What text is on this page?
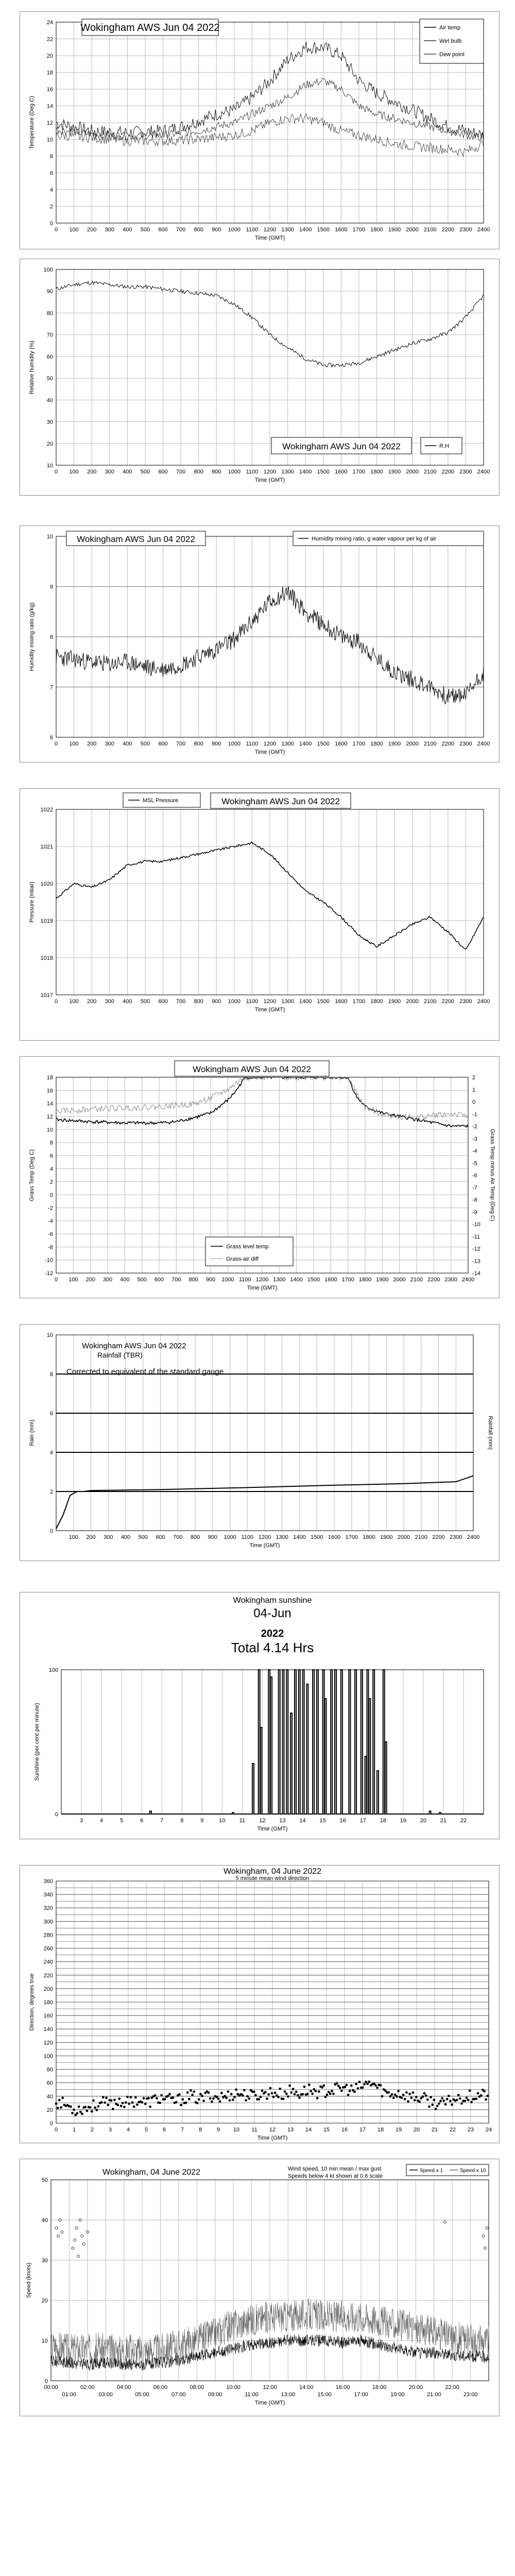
0 100 200 300 400 500 600 700 800 900 1000 1100 1200 1300 1400 1500 1600 1700 1800 1900 2000 2100 2200 2300 2400
0
2
4
6
8
10
12
14
16
18
20
22
24
Time (GMT)
Temperature (Deg C)
Wokingham AWS Jun 04 2022	Air temp
Wet bulb
Dew point
0 100 200 300 400 500 600 700 800 900 1000 1100 1200 1300 1400 1500 1600 1700 1800 1900 2000 2100 2200 2300 2400
10
20
30
40
50
60
70
80
90
100
Time (GMT)
Relative humidity (%)
Wokingham AWS Jun 04 2022	R.H
0 100 200 300 400 500 600 700 800 900 1000 1100 1200 1300 1400 1500 1600 1700 1800 1900 2000 2100 2200 2300 2400
6
7
8
9
10
Time (GMT)
Humidity mixing ratio (g/kg)
Wokingham AWS Jun 04 2022	Humidity mixing ratio, g water vapour per kg of air
0 100 200 300 400 500 600 700 800 900 1000 1100 1200 1300 1400 1500 1600 1700 1800 1900 2000 2100 2200 2300 2400
1017
1018
1019
1020
1021
1022
Time (GMT)
Pressure (mbar)
MSL Pressure	Wokingham AWS Jun 04 2022
0 100 200 300 400 500 600 700 800 900 1000 1100 1200 1300 1400 1500 1600 1700 1800 1900 2000 2100 2200 2300 2400
-12
-10
-8
-6
-4
-2
0
2
4
6
8
10
12
14
16
18
Time (GMT)
Grass Temp (Deg C)
-14
-13
-12
-11
-10
-9
-8
-7
-6
-5
-4
-3
-2
-1
0
1
2
Grass Temp minus Air Temp (Deg C)
Wokingham AWS Jun 04 2022
Grass level temp
Grass-air diff
100 200 300 400 500 600 700 800 900 1000 1100 1200 1300 1400 1500 1600 1700 1800 1900 2000 2100 2200 2300 2400
0
2
4
6
8
10
Time (GMT)
Rain (mm)	Rainfall (mm)
Wokingham AWS Jun 04 2022
Rainfall (TBR)
Corrected to equivalent of the standard gauge
3	4	5	6	7	8	9	10 11 12 13 14 15 16 17 18 19 20 21 22
0
100
Time (GMT)
Sunshine (per cent per minute)
Wokingham sunshine
04-Jun
2022
Total 4.14 Hrs
0	1	2	3	4	5	6	7	8	9 10 11 12 13 14 15 16 17 18 19 20 21 22 23 24
0
20
40
60
80
100
120
140
160
180
200
220
240
260
280
300
320
340
360
Time (GMT)
Direction, degrees true
Wokingham, 04 June 2022
5 minute mean wind direction
0
10
20
30
40
50
00:00
01:00
02:00
03:00
04:00
05:00
06:00
07:00
08:00
09:00
10:00
11:00
12:00
13:00
14:00
15:00
16:00
17:00
18:00
19:00
20:00
21:00
22:00
23:00
Time (GMT)
Speed (knots)
Wokingham, 04 June 2022	Wind speed, 10 min mean / max gust
Speeds below 4 kt shown at 0.6 scale
Speed x 1	Speed x 10
